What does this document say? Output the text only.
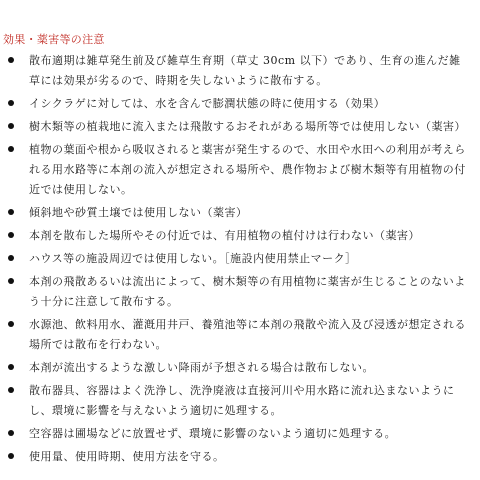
効果・薬害等の注意
散布適期は雑草発生前及び雑草生育期（草丈 30cm 以下）であり、生育の進んだ雑草には効果が劣るので、時期を失しないように散布する。
イシクラゲに対しては、水を含んで膨潤状態の時に使用する（効果）
樹木類等の植栽地に流入または飛散するおそれがある場所等では使用しない（薬害）
植物の葉面や根から吸収されると薬害が発生するので、水田や水田への利用が考えられる用水路等に本剤の流入が想定される場所や、農作物および樹木類等有用植物の付近では使用しない。
傾斜地や砂質土壌では使用しない（薬害）
本剤を散布した場所やその付近では、有用植物の植付けは行わない（薬害）
ハウス等の施設周辺では使用しない。［施設内使用禁止マーク］
本剤の飛散あるいは流出によって、樹木類等の有用植物に薬害が生じることのないよう十分に注意して散布する。
水源池、飲料用水、灌漑用井戸、養殖池等に本剤の飛散や流入及び浸透が想定される場所では散布を行わない。
本剤が流出するような激しい降雨が予想される場合は散布しない。
散布器具、容器はよく洗浄し、洗浄廃液は直接河川や用水路に流れ込まないようにし、環境に影響を与えないよう適切に処理する。
空容器は圃場などに放置せず、環境に影響のないよう適切に処理する。
使用量、使用時期、使用方法を守る。
